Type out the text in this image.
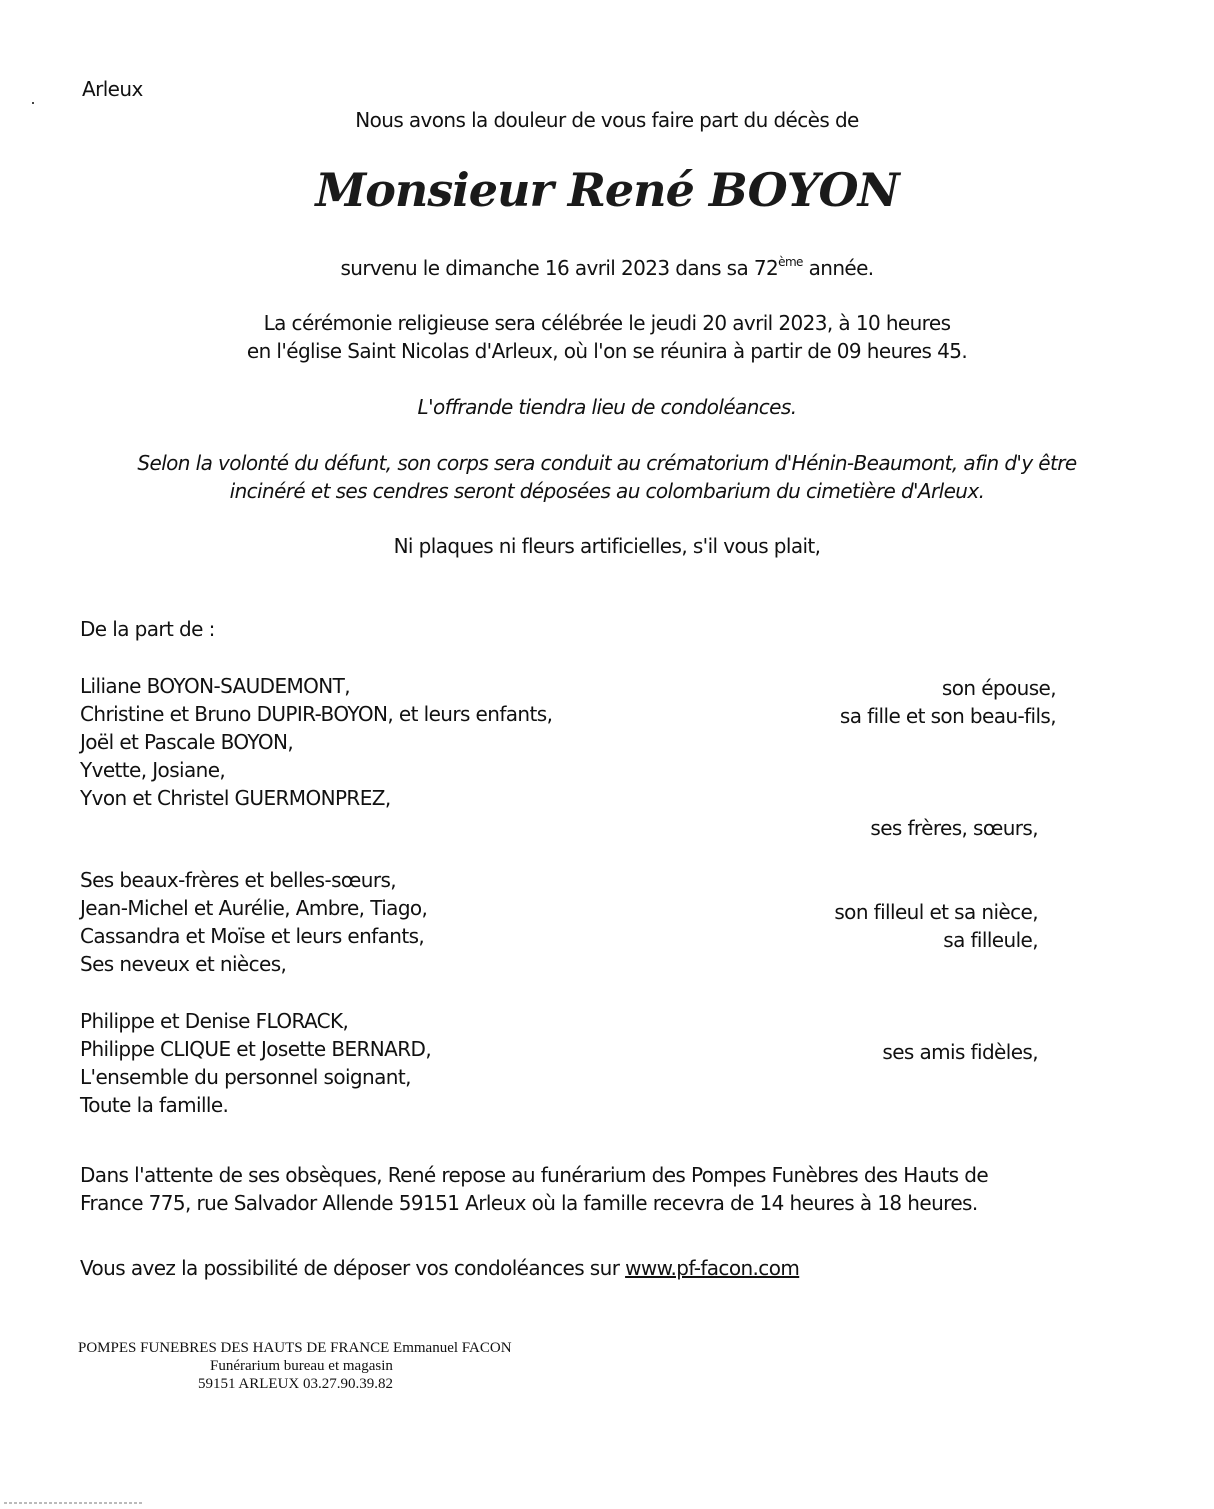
Arleux
Nous avons la douleur de vous faire part du décès de
Monsieur René BOYON
survenu le dimanche 16 avril 2023 dans sa 72ème année.
La cérémonie religieuse sera célébrée le jeudi 20 avril 2023, à 10 heures
en l'église Saint Nicolas d'Arleux, où l'on se réunira à partir de 09 heures 45.
L'offrande tiendra lieu de condoléances.
Selon la volonté du défunt, son corps sera conduit au crématorium d'Hénin-Beaumont, afin d'y être
incinéré et ses cendres seront déposées au colombarium du cimetière d'Arleux.
Ni plaques ni fleurs artificielles, s'il vous plait,
De la part de :
Liliane BOYON-SAUDEMONT,
Christine et Bruno DUPIR-BOYON, et leurs enfants,
son épouse,
sa fille et son beau-fils,
Joël et Pascale BOYON,
Yvette, Josiane,
Yvon et Christel GUERMONPREZ,
ses frères, sœurs,
Ses beaux-frères et belles-sœurs,
Jean-Michel et Aurélie, Ambre, Tiago,
Cassandra et Moïse et leurs enfants,
Ses neveux et nièces,
son filleul et sa nièce,
sa filleule,
Philippe et Denise FLORACK,
Philippe CLIQUE et Josette BERNARD,
L'ensemble du personnel soignant,
Toute la famille.
ses amis fidèles,
Dans l'attente de ses obsèques, René repose au funérarium des Pompes Funèbres des Hauts de
France 775, rue Salvador Allende 59151 Arleux où la famille recevra de 14 heures à 18 heures.
Vous avez la possibilité de déposer vos condoléances sur www.pf-facon.com
POMPES FUNEBRES DES HAUTS DE FRANCE Emmanuel FACON
Funérarium bureau et magasin
59151 ARLEUX 03.27.90.39.82
